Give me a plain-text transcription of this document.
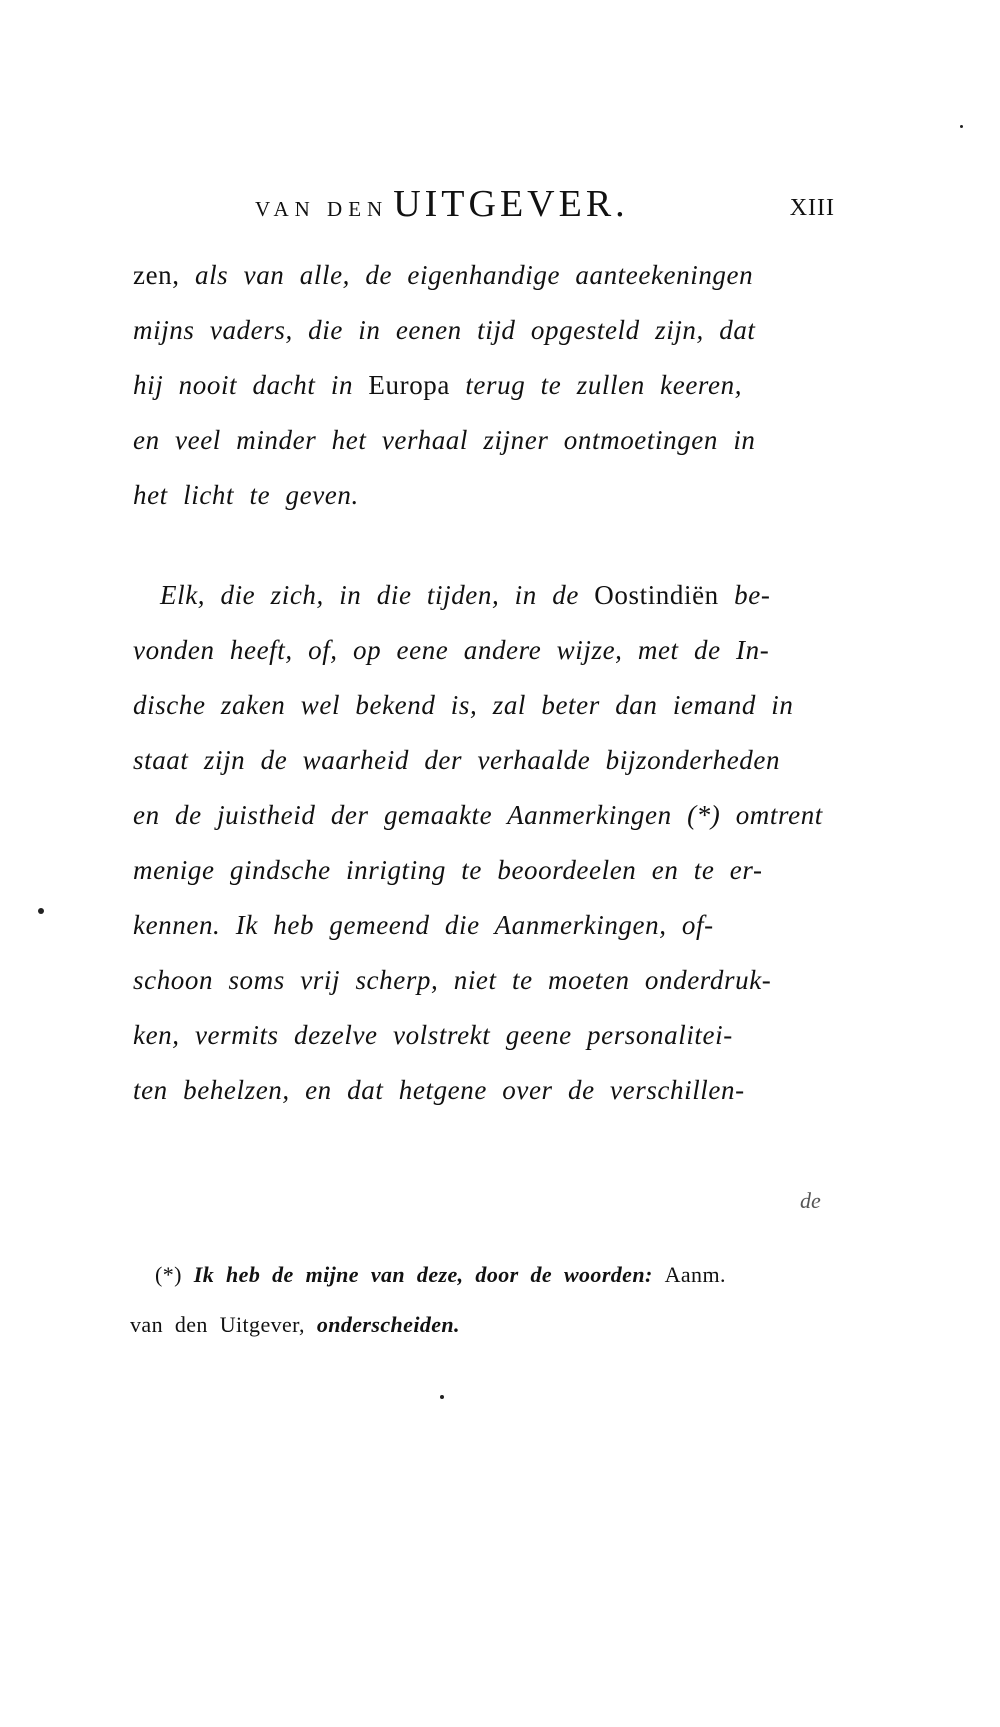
VAN DEN UITGEVER.	XIII
zen, als van alle, de eigenhandige aanteekeningen
mijns vaders, die in eenen tijd opgesteld zijn, dat
hij nooit dacht in Europa terug te zullen keeren,
en veel minder het verhaal zijner ontmoetingen in
het licht te geven.
Elk, die zich, in die tijden, in de Oostindiën be-
vonden heeft, of, op eene andere wijze, met de In-
dische zaken wel bekend is, zal beter dan iemand in
staat zijn de waarheid der verhaalde bijzonderheden
en de juistheid der gemaakte Aanmerkingen (*) omtrent
menige gindsche inrigting te beoordeelen en te er-
kennen. Ik heb gemeend die Aanmerkingen, of-
schoon soms vrij scherp, niet te moeten onderdruk-
ken, vermits dezelve volstrekt geene personalitei-
ten behelzen, en dat hetgene over de verschillen-
de
(*) Ik heb de mijne van deze, door de woorden: Aanm.
van den Uitgever, onderscheiden.
